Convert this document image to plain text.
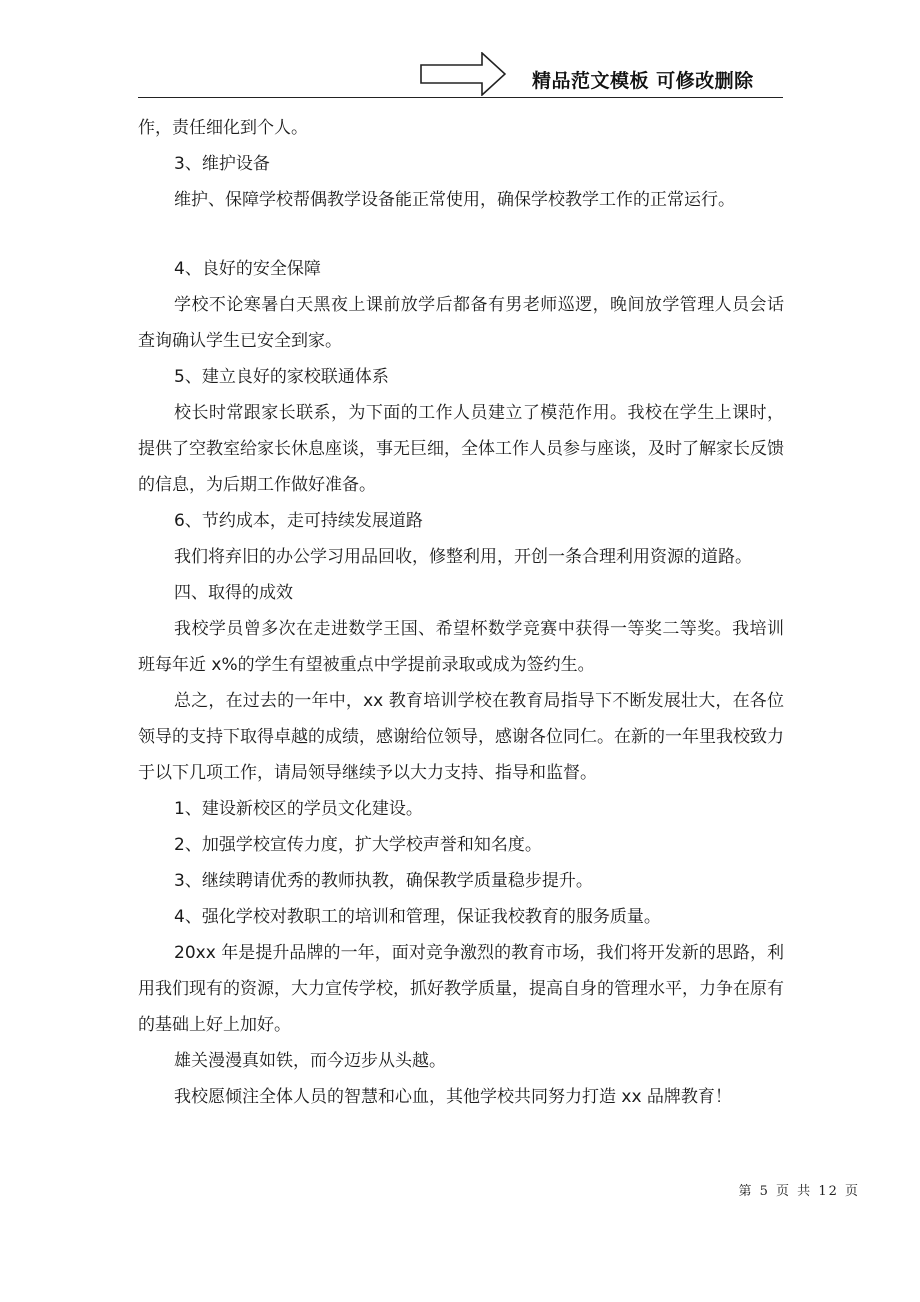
精品范文模板 可修改删除

作，责任细化到个人。

3、维护设备

维护、保障学校帮偶教学设备能正常使用，确保学校教学工作的正常运行。

4、良好的安全保障

学校不论寒暑白天黑夜上课前放学后都备有男老师巡逻，晚间放学管理人员会话查询确认学生已安全到家。

5、建立良好的家校联通体系

校长时常跟家长联系，为下面的工作人员建立了模范作用。我校在学生上课时，提供了空教室给家长休息座谈，事无巨细，全体工作人员参与座谈，及时了解家长反馈的信息，为后期工作做好准备。

6、节约成本，走可持续发展道路

我们将弃旧的办公学习用品回收，修整利用，开创一条合理利用资源的道路。

四、取得的成效

我校学员曾多次在走进数学王国、希望杯数学竞赛中获得一等奖二等奖。我培训班每年近 x%的学生有望被重点中学提前录取或成为签约生。

总之，在过去的一年中，xx 教育培训学校在教育局指导下不断发展壮大，在各位领导的支持下取得卓越的成绩，感谢给位领导，感谢各位同仁。在新的一年里我校致力于以下几项工作，请局领导继续予以大力支持、指导和监督。

1、建设新校区的学员文化建设。

2、加强学校宣传力度，扩大学校声誉和知名度。

3、继续聘请优秀的教师执教，确保教学质量稳步提升。

4、强化学校对教职工的培训和管理，保证我校教育的服务质量。

20xx 年是提升品牌的一年，面对竞争激烈的教育市场，我们将开发新的思路，利用我们现有的资源，大力宣传学校，抓好教学质量，提高自身的管理水平，力争在原有的基础上好上加好。

雄关漫漫真如铁，而今迈步从头越。

我校愿倾注全体人员的智慧和心血，其他学校共同努力打造 xx 品牌教育！

第 5 页 共 12 页
